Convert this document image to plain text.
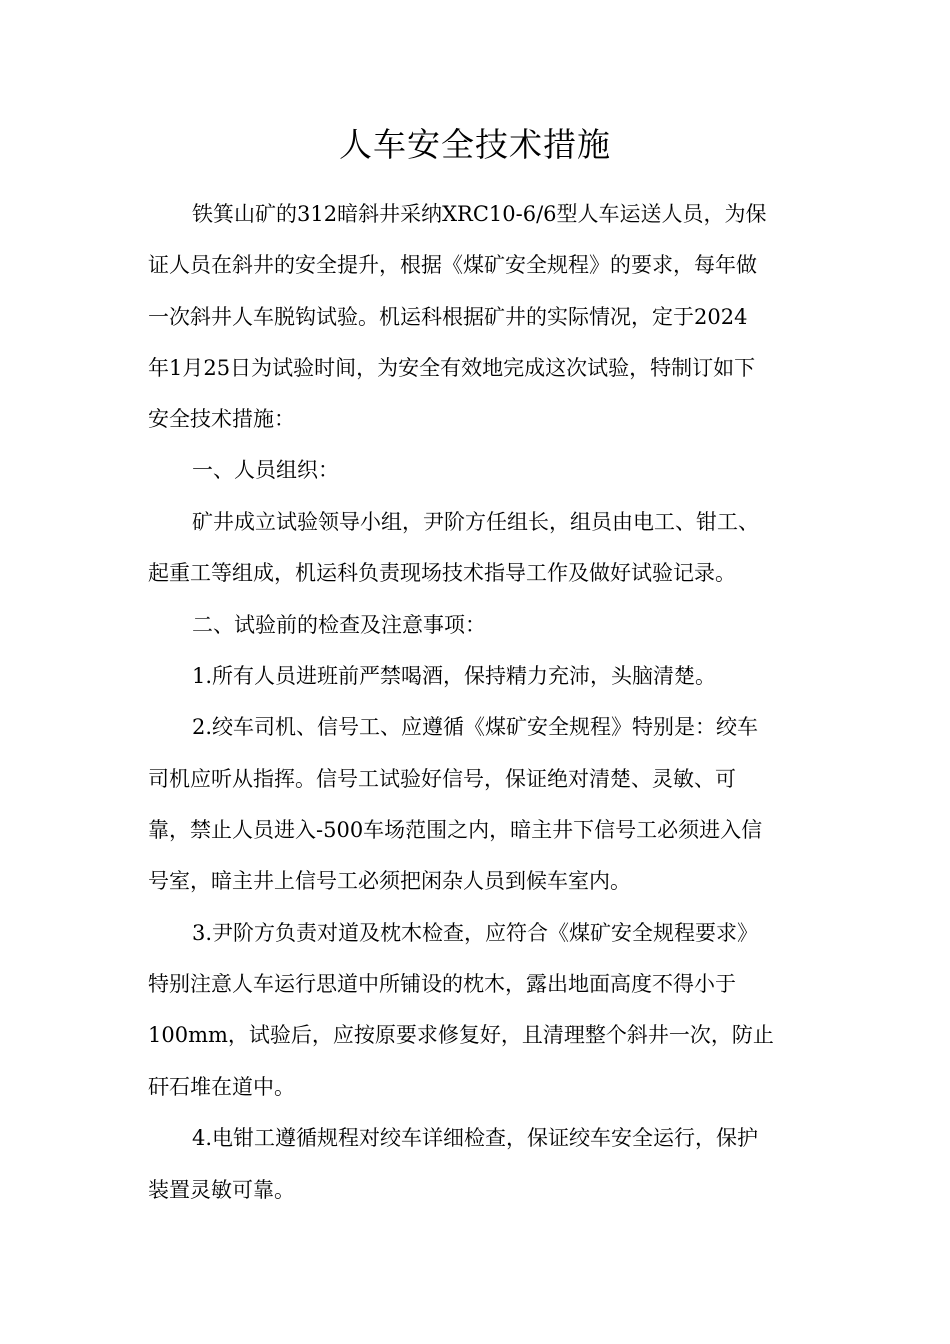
人车安全技术措施

铁箕山矿的312暗斜井采纳XRC10-6/6型人车运送人员，为保

证人员在斜井的安全提升，根据《煤矿安全规程》的要求，每年做

一次斜井人车脱钩试验。机运科根据矿井的实际情况，定于2024

年1月25日为试验时间，为安全有效地完成这次试验，特制订如下

安全技术措施：

一、人员组织：

矿井成立试验领导小组，尹阶方任组长，组员由电工、钳工、

起重工等组成，机运科负责现场技术指导工作及做好试验记录。

二、试验前的检查及注意事项：

1.所有人员进班前严禁喝酒，保持精力充沛，头脑清楚。

2.绞车司机、信号工、应遵循《煤矿安全规程》特别是：绞车

司机应听从指挥。信号工试验好信号，保证绝对清楚、灵敏、可

靠，禁止人员进入-500车场范围之内，暗主井下信号工必须进入信

号室，暗主井上信号工必须把闲杂人员到候车室内。

3.尹阶方负责对道及枕木检查，应符合《煤矿安全规程要求》

特别注意人车运行思道中所铺设的枕木，露出地面高度不得小于

100mm，试验后，应按原要求修复好，且清理整个斜井一次，防止

矸石堆在道中。

4.电钳工遵循规程对绞车详细检查，保证绞车安全运行，保护

装置灵敏可靠。
